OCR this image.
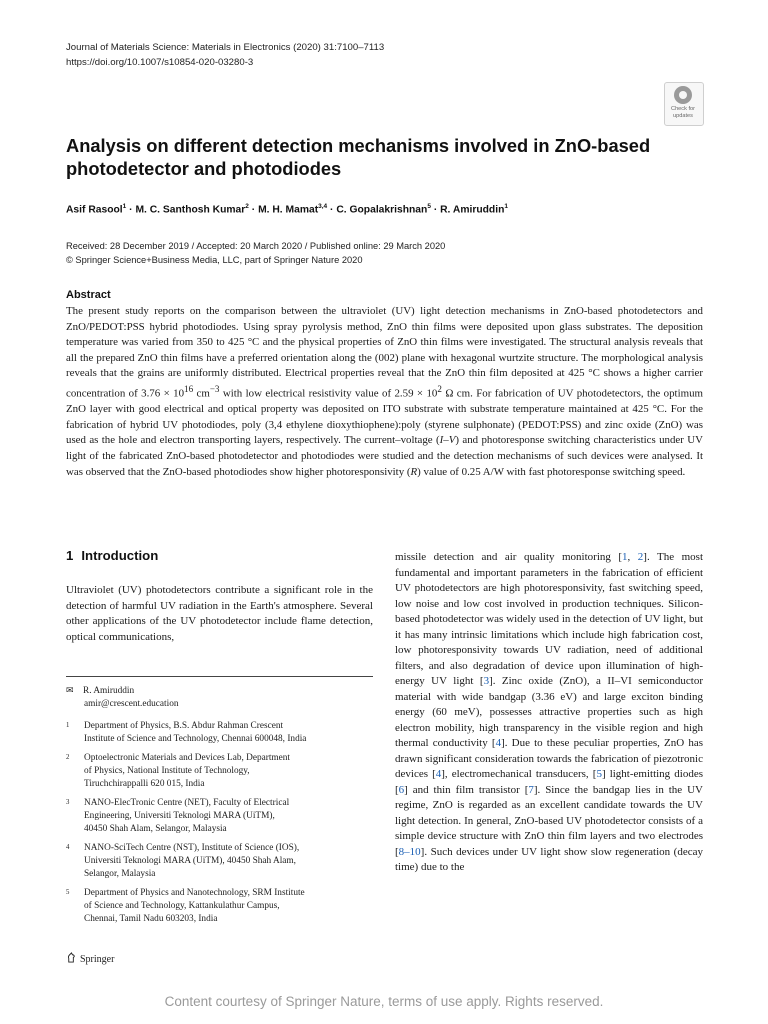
Journal of Materials Science: Materials in Electronics (2020) 31:7100–7113
https://doi.org/10.1007/s10854-020-03280-3
Check for
updates
Analysis on different detection mechanisms involved in ZnO-based photodetector and photodiodes
Asif Rasool$^1$ · M. C. Santhosh Kumar$^2$ · M. H. Mamat$^{3,4}$ · C. Gopalakrishnan$^5$ · R. Amiruddin$^1$
Received: 28 December 2019 / Accepted: 20 March 2020 / Published online: 29 March 2020
© Springer Science+Business Media, LLC, part of Springer Nature 2020
Abstract
The present study reports on the comparison between the ultraviolet (UV) light detection mechanisms in ZnO-based photodetectors and ZnO/PEDOT:PSS hybrid photodiodes. Using spray pyrolysis method, ZnO thin films were deposited upon glass substrates. The deposition temperature was varied from 350 to 425 °C and the physical properties of ZnO thin films were investigated. The structural analysis reveals that all the prepared ZnO thin films have a preferred orientation along the (002) plane with hexagonal wurtzite structure. The morphological analysis reveals that the grains are uniformly distributed. Electrical properties reveal that the ZnO thin film deposited at 425 °C shows a higher carrier concentration of $3.76 \times 10^{16}$ $cm^{-3}$ with low electrical resistivity value of $2.59 \times 10^2$ Ω cm. For fabrication of UV photodetectors, the optimum ZnO layer with good electrical and optical property was deposited on ITO substrate with substrate temperature maintained at 425 °C. For the fabrication of hybrid UV photodiodes, poly (3,4 ethylene dioxythiophene):poly (styrene sulphonate) (PEDOT:PSS) and zinc oxide (ZnO) was used as the hole and electron transporting layers, respectively. The current–voltage (I–V) and photoresponse switching characteristics under UV light of the fabricated ZnO-based photodetector and photodiodes were studied and the detection mechanisms of such devices were analysed. It was observed that the ZnO-based photodiodes show higher photoresponsivity (R) value of 0.25 A/W with fast photoresponse switching speed.
1 Introduction
Ultraviolet (UV) photodetectors contribute a significant role in the detection of harmful UV radiation in the Earth's atmosphere. Several other applications of the UV photodetector include flame detection, optical communications,
✉ R. Amiruddin
amir@crescent.education
1 Department of Physics, B.S. Abdur Rahman Crescent
Institute of Science and Technology, Chennai 600048, India
2 Optoelectronic Materials and Devices Lab, Department
of Physics, National Institute of Technology,
Tiruchchirappalli 620 015, India
3 NANO-ElecTronic Centre (NET), Faculty of Electrical
Engineering, Universiti Teknologi MARA (UiTM),
40450 Shah Alam, Selangor, Malaysia
4 NANO-SciTech Centre (NST), Institute of Science (IOS),
Universiti Teknologi MARA (UiTM), 40450 Shah Alam,
Selangor, Malaysia
5 Department of Physics and Nanotechnology, SRM Institute
of Science and Technology, Kattankulathur Campus,
Chennai, Tamil Nadu 603203, India
missile detection and air quality monitoring [1, 2]. The most fundamental and important parameters in the fabrication of efficient UV photodetectors are high photoresponsivity, fast switching speed, low noise and low cost involved in production techniques. Silicon-based photodetector was widely used in the detection of UV light, but it has many intrinsic limitations which include high fabrication cost, low photoresponsivity towards UV radiation, need of additional filters, and also degradation of device upon illumination of high-energy UV light [3]. Zinc oxide (ZnO), a II–VI semiconductor material with wide bandgap (3.36 eV) and large exciton binding energy (60 meV), possesses attractive properties such as high electron mobility, high transparency in the visible region and high thermal conductivity [4]. Due to these peculiar properties, ZnO has drawn significant consideration towards the fabrication of piezotronic devices [4], electromechanical transducers, [5] light-emitting diodes [6] and thin film transistor [7]. Since the bandgap lies in the UV regime, ZnO is regarded as an excellent candidate towards the UV light detection. In general, ZnO-based UV photodetector consists of a simple device structure with ZnO thin film layers and two electrodes [8–10]. Such devices under UV light show slow regeneration (decay time) due to the
Springer
Content courtesy of Springer Nature, terms of use apply. Rights reserved.
